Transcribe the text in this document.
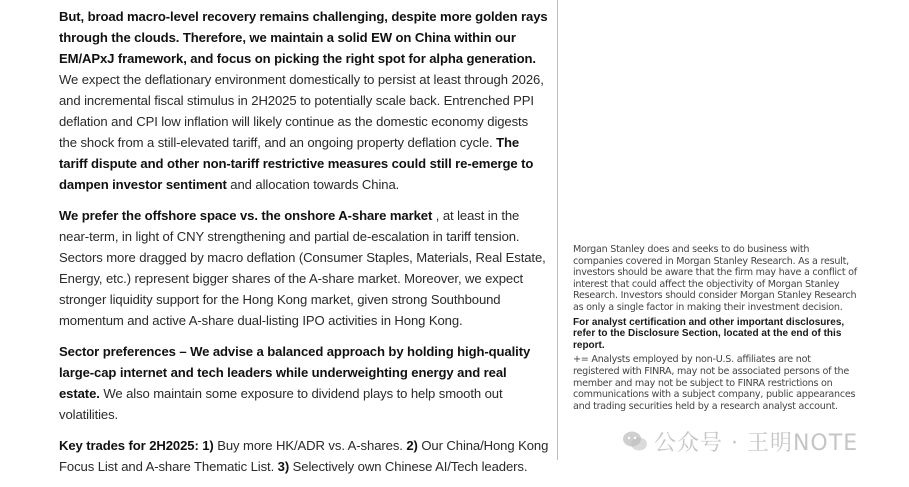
But, broad macro-level recovery remains challenging, despite more golden rays through the clouds. Therefore, we maintain a solid EW on China within our EM/APxJ framework, and focus on picking the right spot for alpha generation. We expect the deflationary environment domestically to persist at least through 2026, and incremental fiscal stimulus in 2H2025 to potentially scale back. Entrenched PPI deflation and CPI low inflation will likely continue as the domestic economy digests the shock from a still-elevated tariff, and an ongoing property deflation cycle. The tariff dispute and other non-tariff restrictive measures could still re-emerge to dampen investor sentiment and allocation towards China.

We prefer the offshore space vs. the onshore A-share market , at least in the near-term, in light of CNY strengthening and partial de-escalation in tariff tension. Sectors more dragged by macro deflation (Consumer Staples, Materials, Real Estate, Energy, etc.) represent bigger shares of the A-share market. Moreover, we expect stronger liquidity support for the Hong Kong market, given strong Southbound momentum and active A-share dual-listing IPO activities in Hong Kong.

Sector preferences – We advise a balanced approach by holding high-quality large-cap internet and tech leaders while underweighting energy and real estate. We also maintain some exposure to dividend plays to help smooth out volatilities.

Key trades for 2H2025: 1) Buy more HK/ADR vs. A-shares. 2) Our China/Hong Kong Focus List and A-share Thematic List. 3) Selectively own Chinese AI/Tech leaders.

Morgan Stanley does and seeks to do business with companies covered in Morgan Stanley Research. As a result, investors should be aware that the firm may have a conflict of interest that could affect the objectivity of Morgan Stanley Research. Investors should consider Morgan Stanley Research as only a single factor in making their investment decision.

For analyst certification and other important disclosures, refer to the Disclosure Section, located at the end of this report.

+= Analysts employed by non-U.S. affiliates are not registered with FINRA, may not be associated persons of the member and may not be subject to FINRA restrictions on communications with a subject company, public appearances and trading securities held by a research analyst account.

公众号 · 王明NOTE
